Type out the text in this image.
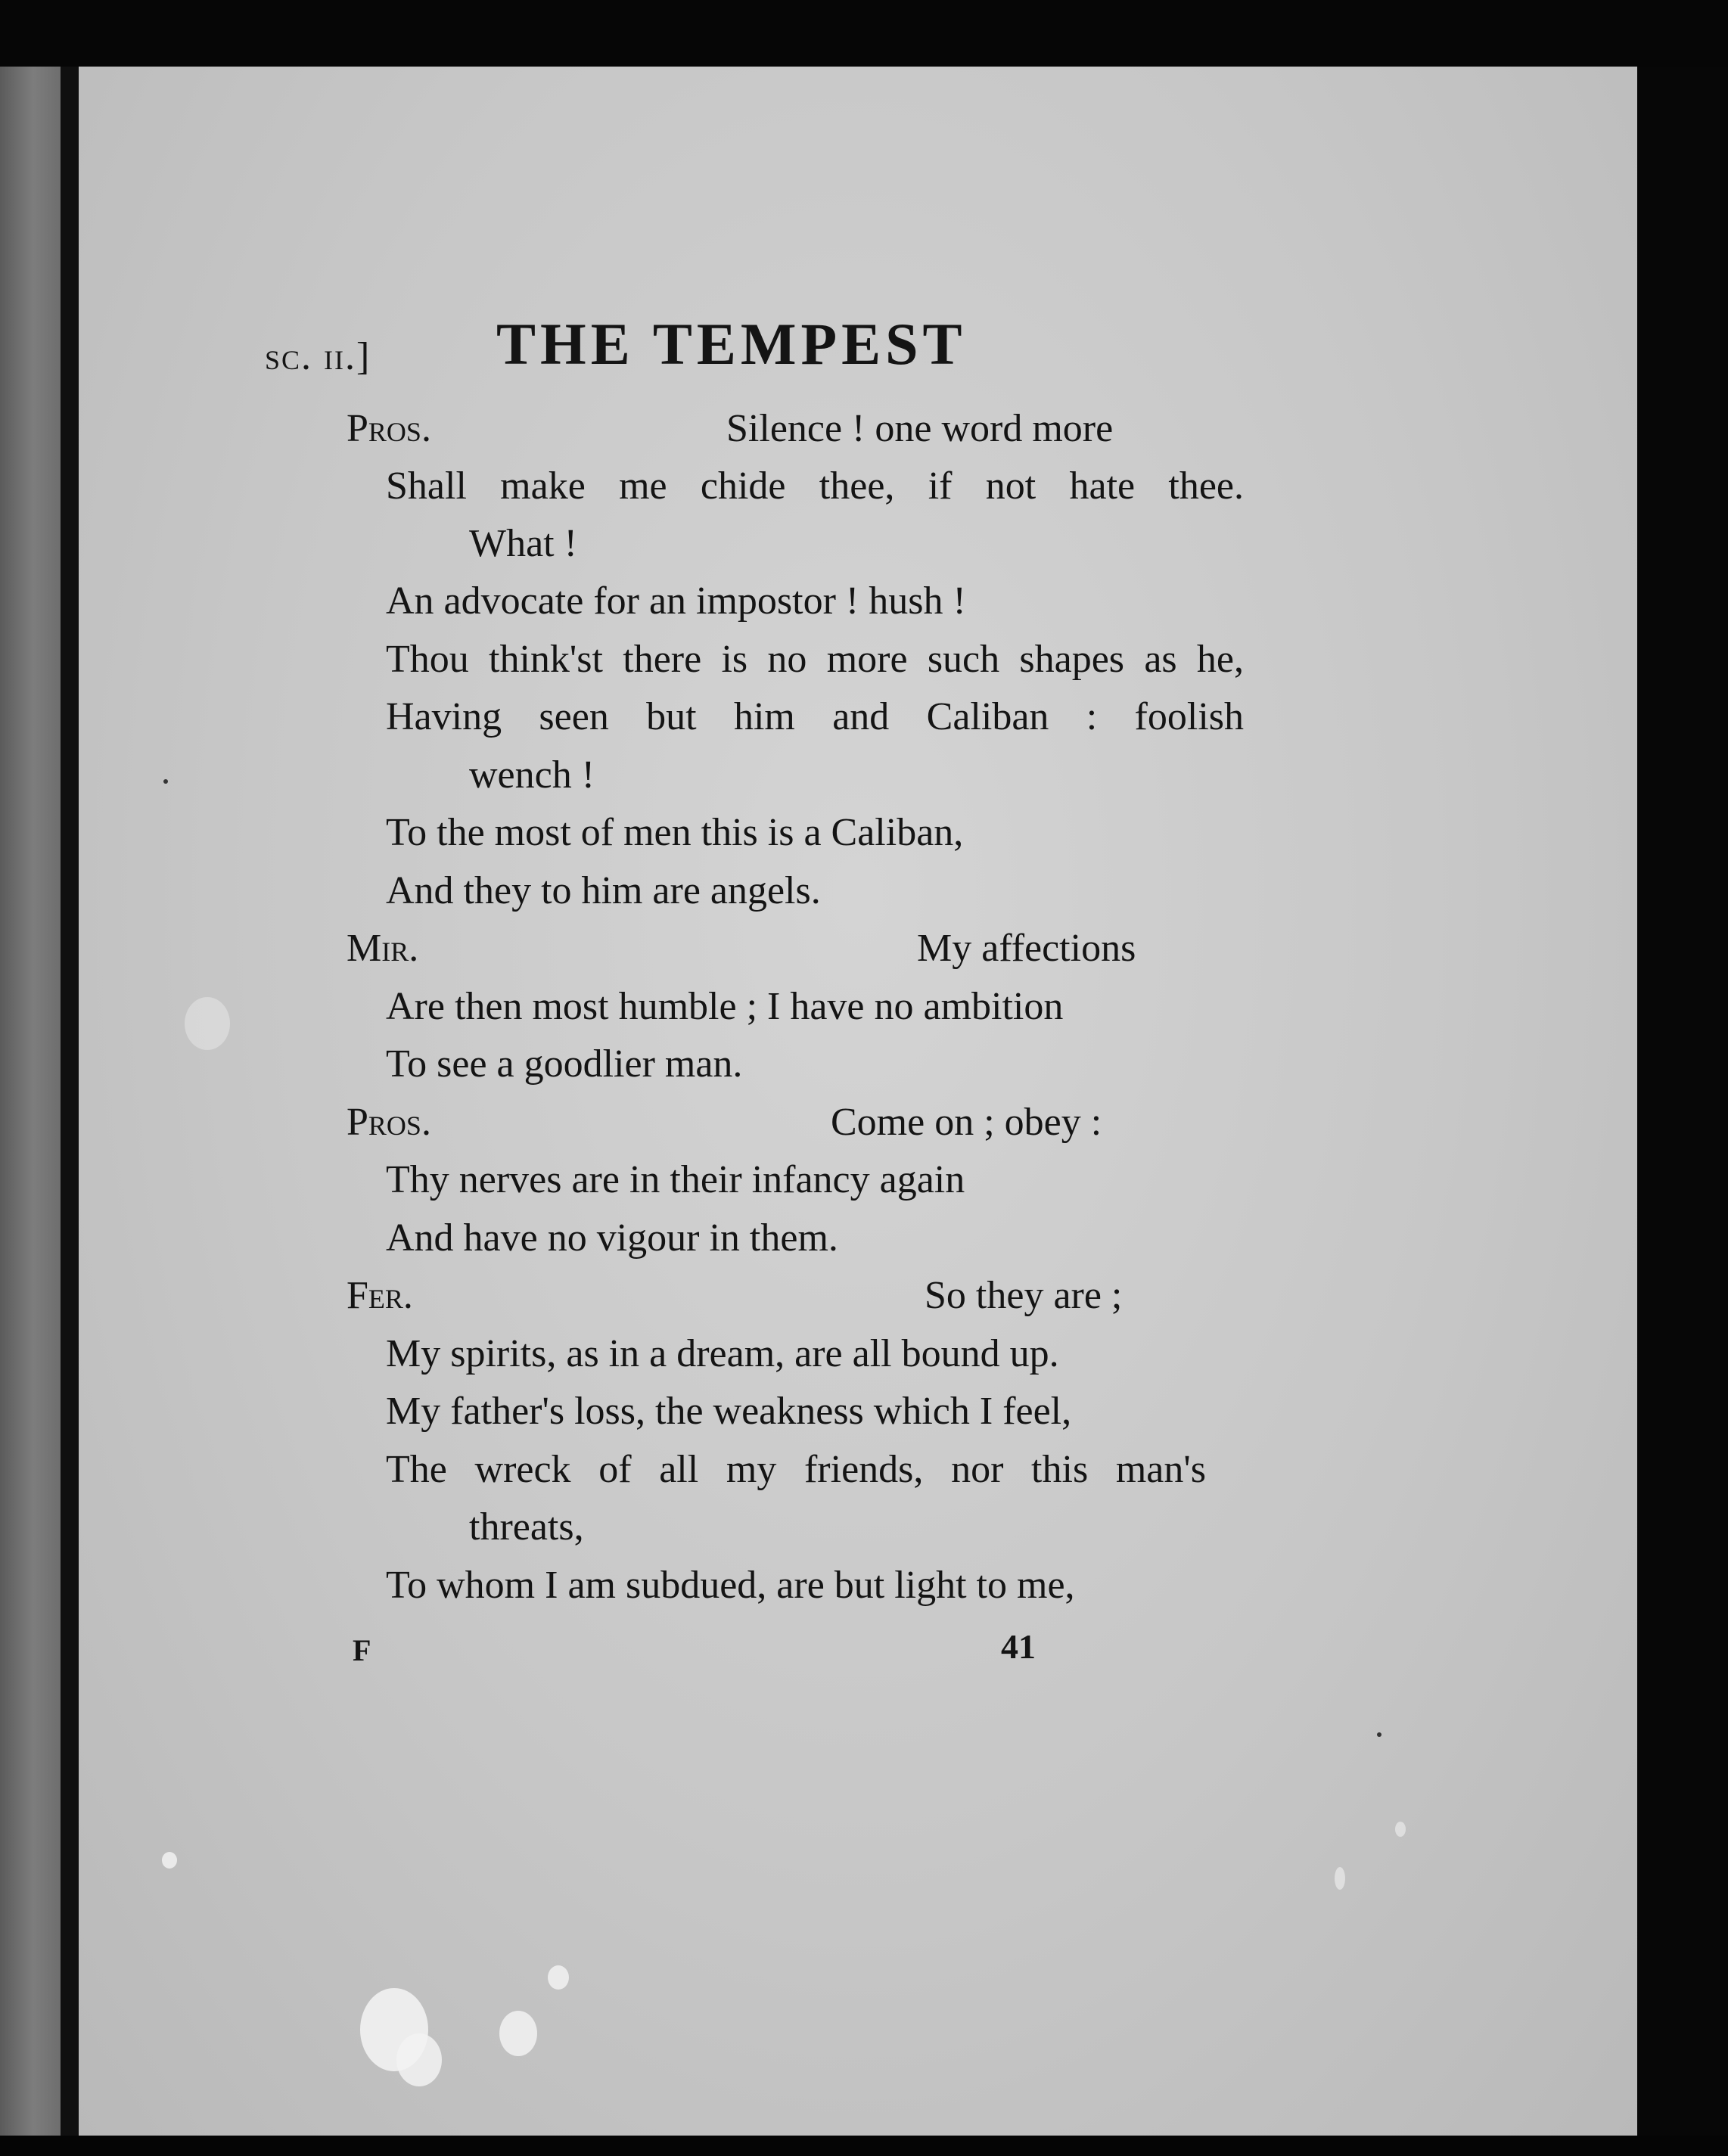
sc. ii.] THE TEMPEST
Pros.	Silence ! one word more
Shall make me chide thee, if not hate thee.
What !
An advocate for an impostor ! hush !
Thou think'st there is no more such shapes as he,
Having seen but him and Caliban : foolish
wench !
To the most of men this is a Caliban,
And they to him are angels.
Mir.	My affections
Are then most humble ; I have no ambition
To see a goodlier man.
Pros.	Come on ; obey :
Thy nerves are in their infancy again
And have no vigour in them.
Fer.	So they are ;
My spirits, as in a dream, are all bound up.
My father's loss, the weakness which I feel,
The wreck of all my friends, nor this man's
threats,
To whom I am subdued, are but light to me,
F	41
